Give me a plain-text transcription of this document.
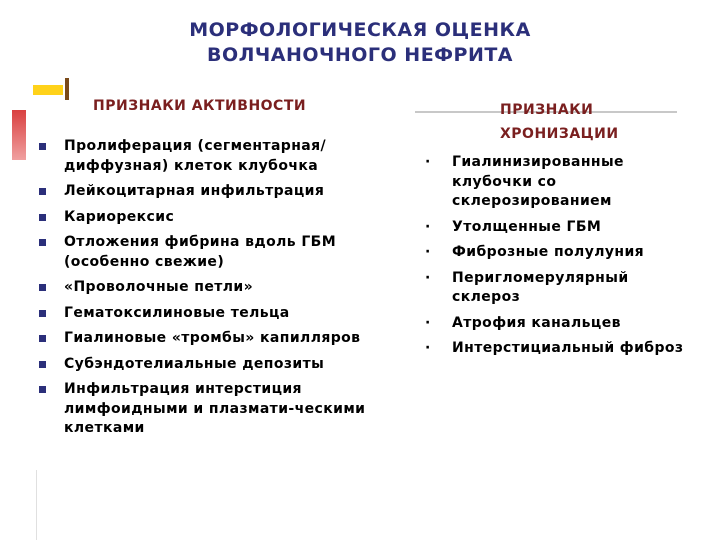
МОРФОЛОГИЧЕСКАЯ ОЦЕНКА
ВОЛЧАНОЧНОГО НЕФРИТА
ПРИЗНАКИ АКТИВНОСТИ	ПРИЗНАКИ ХРОНИЗАЦИИ
Пролиферация (сегментарная/диффузная) клеток клубочка
Лейкоцитарная инфильтрация
Кариорексис
Отложения фибрина вдоль ГБМ (особенно свежие)
«Проволочные петли»
Гематоксилиновые тельца
Гиалиновые «тромбы» капилляров
Субэндотелиальные депозиты
Инфильтрация интерстиция лимфоидными и плазмати-ческими клетками
· Гиалинизированные клубочки со склерозированием
· Утолщенные ГБМ
· Фиброзные полулуния
· Перигломерулярный склероз
· Атрофия канальцев
· Интерстициальный фиброз
